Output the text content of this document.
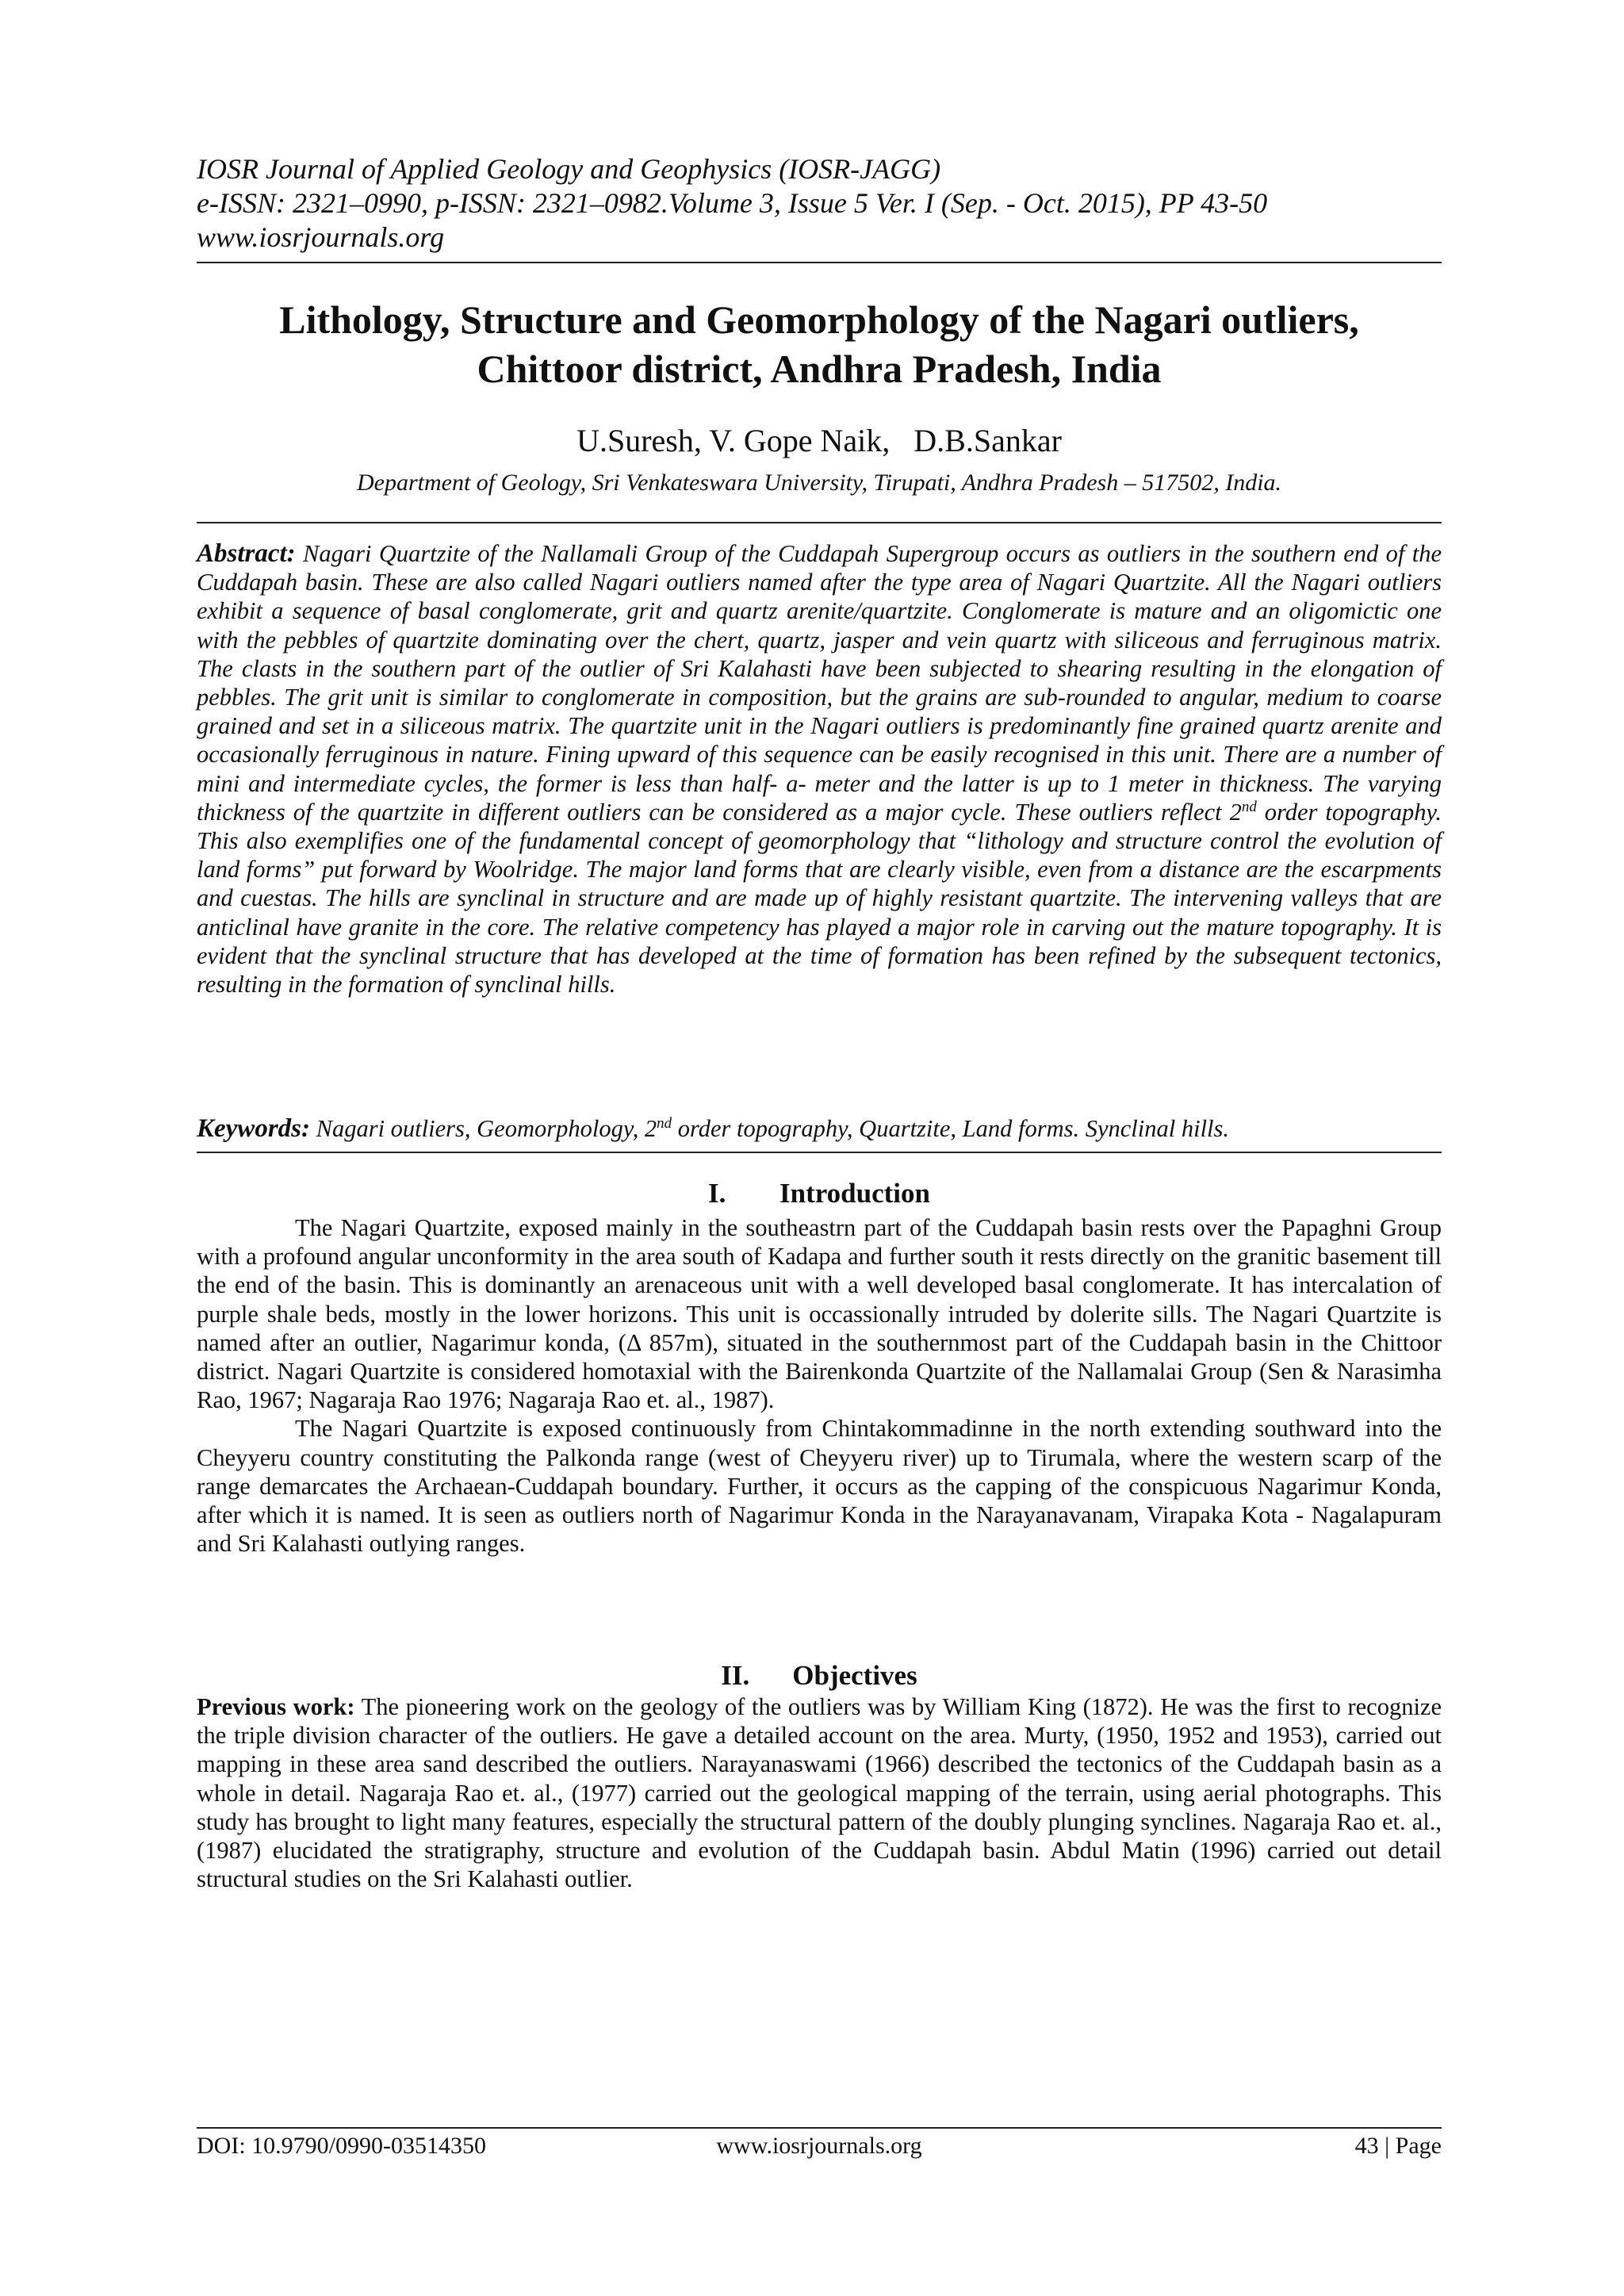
IOSR Journal of Applied Geology and Geophysics (IOSR-JAGG)
e-ISSN: 2321–0990, p-ISSN: 2321–0982.Volume 3, Issue 5 Ver. I (Sep. - Oct. 2015), PP 43-50
www.iosrjournals.org
Lithology, Structure and Geomorphology of the Nagari outliers,
Chittoor district, Andhra Pradesh, India
U.Suresh, V. Gope Naik,   D.B.Sankar
Department of Geology, Sri Venkateswara University, Tirupati, Andhra Pradesh – 517502, India.
Abstract: Nagari Quartzite of the Nallamali Group of the Cuddapah Supergroup occurs as outliers in the southern end of the Cuddapah basin. These are also called Nagari outliers named after the type area of Nagari Quartzite. All the Nagari outliers exhibit a sequence of basal conglomerate, grit and quartz arenite/quartzite. Conglomerate is mature and an oligomictic one with the pebbles of quartzite dominating over the chert, quartz, jasper and vein quartz with siliceous and ferruginous matrix. The clasts in the southern part of the outlier of Sri Kalahasti have been subjected to shearing resulting in the elongation of pebbles. The grit unit is similar to conglomerate in composition, but the grains are sub-rounded to angular, medium to coarse grained and set in a siliceous matrix. The quartzite unit in the Nagari outliers is predominantly fine grained quartz arenite and occasionally ferruginous in nature. Fining upward of this sequence can be easily recognised in this unit. There are a number of mini and intermediate cycles, the former is less than half- a- meter and the latter is up to 1 meter in thickness. The varying thickness of the quartzite in different outliers can be considered as a major cycle. These outliers reflect 2nd order topography. This also exemplifies one of the fundamental concept of geomorphology that “lithology and structure control the evolution of land forms” put forward by Woolridge. The major land forms that are clearly visible, even from a distance are the escarpments and cuestas. The hills are synclinal in structure and are made up of highly resistant quartzite. The intervening valleys that are anticlinal have granite in the core. The relative competency has played a major role in carving out the mature topography. It is evident that the synclinal structure that has developed at the time of formation has been refined by the subsequent tectonics, resulting in the formation of synclinal hills.
Keywords: Nagari outliers, Geomorphology, 2nd order topography, Quartzite, Land forms. Synclinal hills.
I. Introduction

The Nagari Quartzite, exposed mainly in the southeastrn part of the Cuddapah basin rests over the Papaghni Group with a profound angular unconformity in the area south of Kadapa and further south it rests directly on the granitic basement till the end of the basin. This is dominantly an arenaceous unit with a well developed basal conglomerate. It has intercalation of purple shale beds, mostly in the lower horizons. This unit is occassionally intruded by dolerite sills. The Nagari Quartzite is named after an outlier, Nagarimur konda, (Δ 857m), situated in the southernmost part of the Cuddapah basin in the Chittoor district. Nagari Quartzite is considered homotaxial with the Bairenkonda Quartzite of the Nallamalai Group (Sen & Narasimha Rao, 1967; Nagaraja Rao 1976; Nagaraja Rao et. al., 1987).

The Nagari Quartzite is exposed continuously from Chintakommadinne in the north extending southward into the Cheyyeru country constituting the Palkonda range (west of Cheyyeru river) up to Tirumala, where the western scarp of the range demarcates the Archaean-Cuddapah boundary. Further, it occurs as the capping of the conspicuous Nagarimur Konda, after which it is named. It is seen as outliers north of Nagarimur Konda in the Narayanavanam, Virapaka Kota - Nagalapuram and Sri Kalahasti outlying ranges.

II. Objectives

Previous work: The pioneering work on the geology of the outliers was by William King (1872). He was the first to recognize the triple division character of the outliers. He gave a detailed account on the area. Murty, (1950, 1952 and 1953), carried out mapping in these area sand described the outliers. Narayanaswami (1966) described the tectonics of the Cuddapah basin as a whole in detail. Nagaraja Rao et. al., (1977) carried out the geological mapping of the terrain, using aerial photographs. This study has brought to light many features, especially the structural pattern of the doubly plunging synclines. Nagaraja Rao et. al., (1987) elucidated the stratigraphy, structure and evolution of the Cuddapah basin. Abdul Matin (1996) carried out detail structural studies on the Sri Kalahasti outlier.

DOI: 10.9790/0990-03514350	www.iosrjournals.org	43 | Page
